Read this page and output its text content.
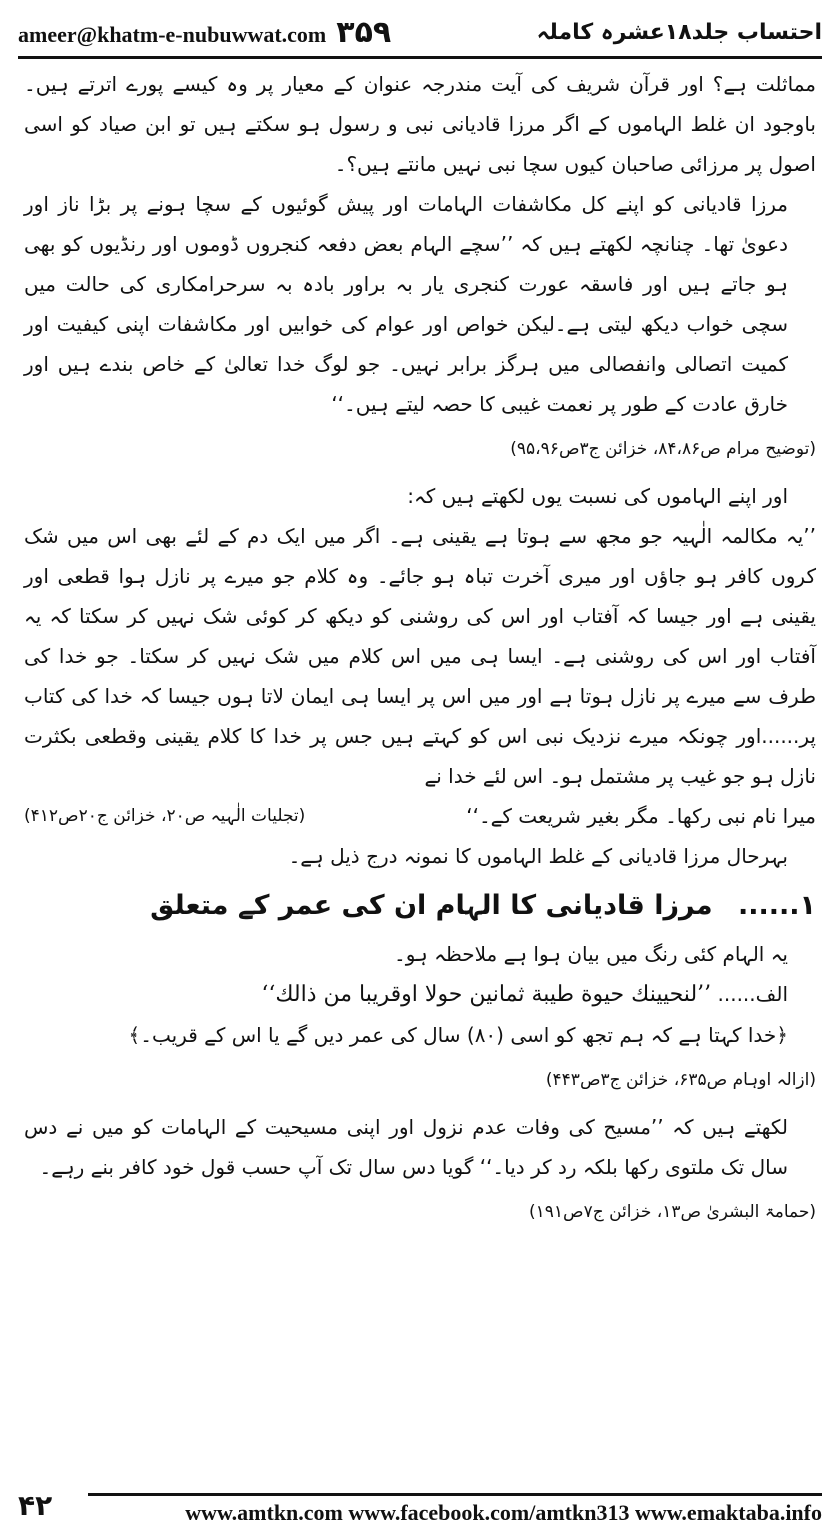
ameer@khatm-e-nubuwwat.com ۳۵۹	احتساب جلد۱۸عشرہ کاملہ

مماثلت ہے؟ اور قرآن شریف کی آیت مندرجہ عنوان کے معیار پر وہ کیسے پورے اترتے ہیں۔ باوجود ان غلط الہاموں کے اگر مرزا قادیانی نبی و رسول ہو سکتے ہیں تو ابن صیاد کو اسی اصول پر مرزائی صاحبان کیوں سچا نبی نہیں مانتے ہیں؟۔

مرزا قادیانی کو اپنے کل مکاشفات الہامات اور پیش گوئیوں کے سچا ہونے پر بڑا ناز اور دعویٰ تھا۔ چنانچہ لکھتے ہیں کہ ’’سچے الہام بعض دفعہ کنجروں ڈوموں اور رنڈیوں کو بھی ہو جاتے ہیں اور فاسقہ عورت کنجری یار بہ براور بادہ بہ سرحرامکاری کی حالت میں سچی خواب دیکھ لیتی ہے۔لیکن خواص اور عوام کی خوابیں اور مکاشفات اپنی کیفیت اور کمیت اتصالی وانفصالی میں ہرگز برابر نہیں۔ جو لوگ خدا تعالیٰ کے خاص بندے ہیں اور خارق عادت کے طور پر نعمت غیبی کا حصہ لیتے ہیں۔‘‘

(توضیح مرام ص۸۴،۸۶، خزائن ج۳ص۹۵،۹۶)

اور اپنے الہاموں کی نسبت یوں لکھتے ہیں کہ:

’’یہ مکالمہ الٰہیہ جو مجھ سے ہوتا ہے یقینی ہے۔ اگر میں ایک دم کے لئے بھی اس میں شک کروں کافر ہو جاؤں اور میری آخرت تباہ ہو جائے۔ وہ کلام جو میرے پر نازل ہوا قطعی اور یقینی ہے اور جیسا کہ آفتاب اور اس کی روشنی کو دیکھ کر کوئی شک نہیں کر سکتا کہ یہ آفتاب اور اس کی روشنی ہے۔ ایسا ہی میں اس کلام میں شک نہیں کر سکتا۔ جو خدا کی طرف سے میرے پر نازل ہوتا ہے اور میں اس پر ایسا ہی ایمان لاتا ہوں جیسا کہ خدا کی کتاب پر......اور چونکہ میرے نزدیک نبی اس کو کہتے ہیں جس پر خدا کا کلام یقینی وقطعی بکثرت نازل ہو جو غیب پر مشتمل ہو۔ اس لئے خدا نے

میرا نام نبی رکھا۔ مگر بغیر شریعت کے۔‘‘
(تجلیات الٰہیہ ص۲۰، خزائن ج۲۰ص۴۱۲)

بہرحال مرزا قادیانی کے غلط الہاموں کا نمونہ درج ذیل ہے۔

۱...... مرزا قادیانی کا الہام ان کی عمر کے متعلق

یہ الہام کئی رنگ میں بیان ہوا ہے ملاحظہ ہو۔

الف...... ’’لنحيينك حيوة طيبة ثمانين حولا اوقريبا من ذالك‘‘

﴿خدا کہتا ہے کہ ہم تجھ کو اسی (۸۰) سال کی عمر دیں گے یا اس کے قریب۔﴾

(ازالہ اوہام ص۶۳۵، خزائن ج۳ص۴۴۳)

لکھتے ہیں کہ ’’مسیح کی وفات عدم نزول اور اپنی مسیحیت کے الہامات کو میں نے دس سال تک ملتوی رکھا بلکہ رد کر دیا۔‘‘ گویا دس سال تک آپ حسب قول خود کافر بنے رہے۔

(حمامۃ البشریٰ ص۱۳، خزائن ج۷ص۱۹۱)

۴۲	www.amtkn.com www.facebook.com/amtkn313 www.emaktaba.info
